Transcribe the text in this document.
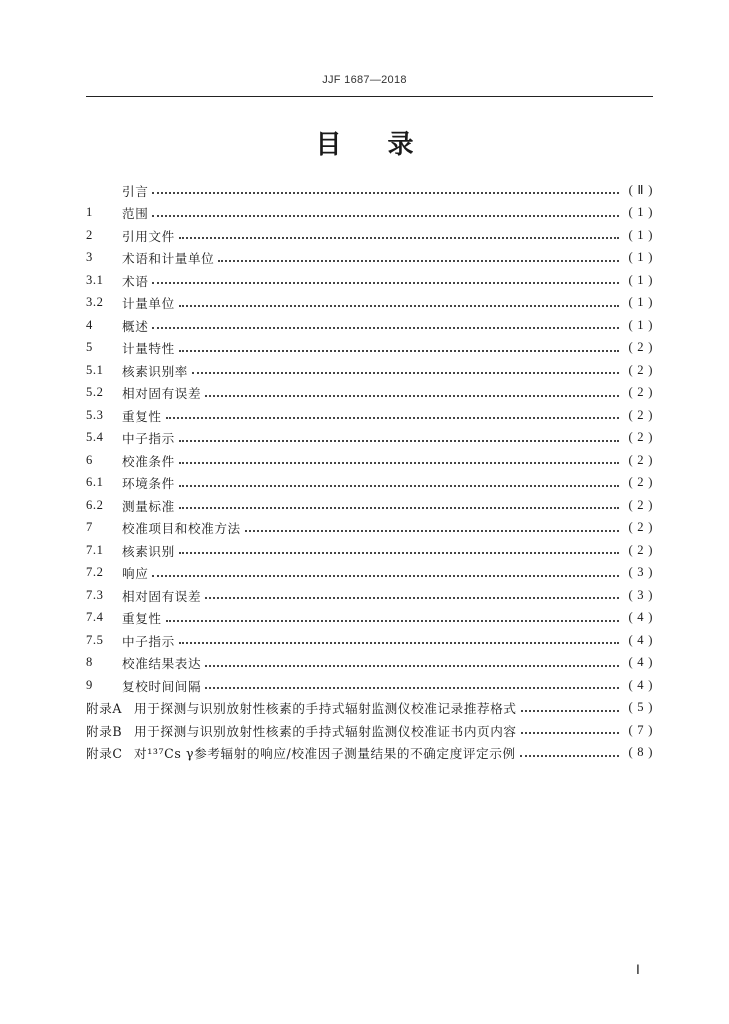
JJF 1687—2018
目录
引言	( Ⅱ )
1	范围	( 1 )
2	引用文件	( 1 )
3	术语和计量单位	( 1 )
3.1	术语	( 1 )
3.2	计量单位	( 1 )
4	概述	( 1 )
5	计量特性	( 2 )
5.1	核素识别率	( 2 )
5.2	相对固有误差	( 2 )
5.3	重复性	( 2 )
5.4	中子指示	( 2 )
6	校准条件	( 2 )
6.1	环境条件	( 2 )
6.2	测量标准	( 2 )
7	校准项目和校准方法	( 2 )
7.1	核素识别	( 2 )
7.2	响应	( 3 )
7.3	相对固有误差	( 3 )
7.4	重复性	( 4 )
7.5	中子指示	( 4 )
8	校准结果表达	( 4 )
9	复校时间间隔	( 4 )
附录A 用于探测与识别放射性核素的手持式辐射监测仪校准记录推荐格式	( 5 )
附录B 用于探测与识别放射性核素的手持式辐射监测仪校准证书内页内容	( 7 )
附录C 对¹³⁷Cs γ参考辐射的响应/校准因子测量结果的不确定度评定示例	( 8 )
Ⅰ
